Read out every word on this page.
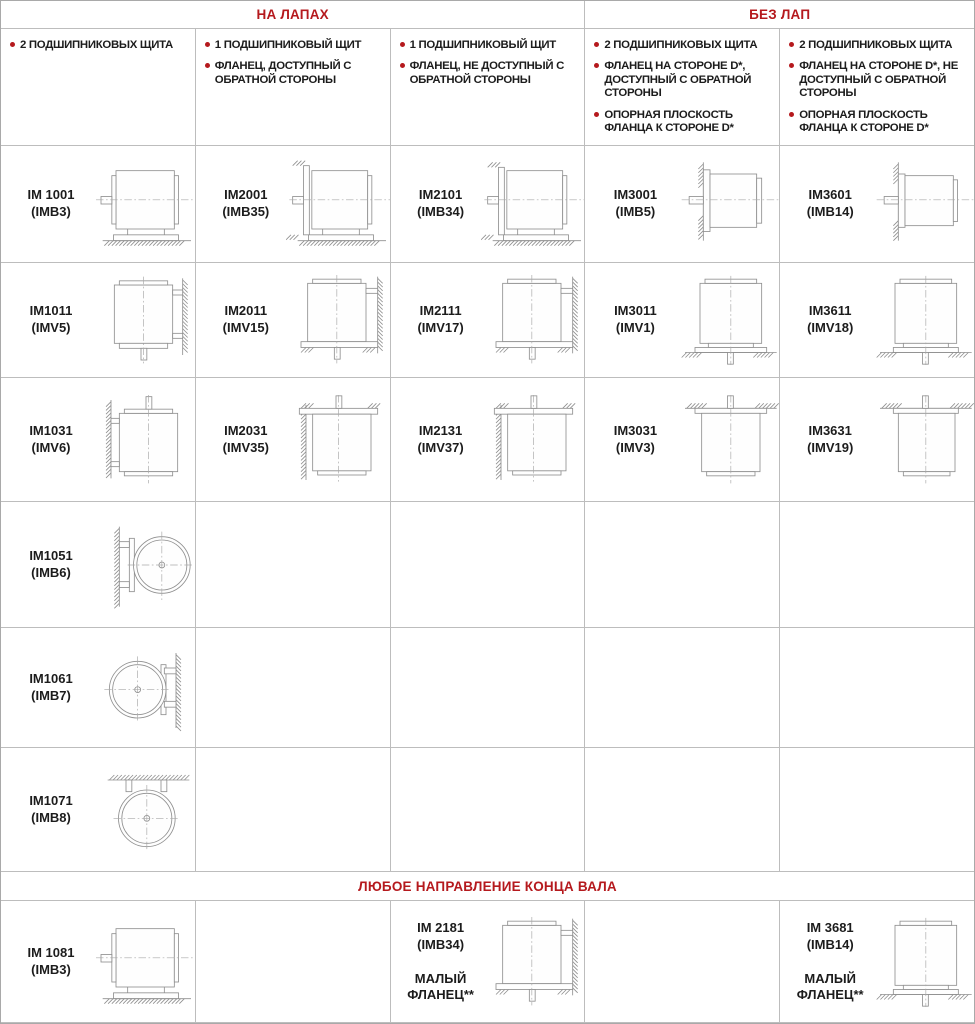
НА ЛАПАХ	БЕЗ ЛАП
ЛЮБОЕ НАПРАВЛЕНИЕ КОНЦА ВАЛА
2 ПОДШИПНИКОВЫХ ЩИТА	1 ПОДШИПНИКОВЫЙ ЩИТ
ФЛАНЕЦ, ДОСТУПНЫЙ С ОБРАТНОЙ СТОРОНЫ
1 ПОДШИПНИКОВЫЙ ЩИТ
ФЛАНЕЦ, НЕ ДОСТУПНЫЙ С ОБРАТНОЙ СТОРОНЫ
2 ПОДШИПНИКОВЫХ ЩИТА
ФЛАНЕЦ НА СТОРОНЕ D*, ДОСТУПНЫЙ С ОБРАТНОЙ СТОРОНЫ
ОПОРНАЯ ПЛОСКОСТЬ ФЛАНЦА К СТОРОНЕ D*
2 ПОДШИПНИКОВЫХ ЩИТА
ФЛАНЕЦ НА СТОРОНЕ D*, НЕ ДОСТУПНЫЙ С ОБРАТНОЙ СТОРОНЫ
ОПОРНАЯ ПЛОСКОСТЬ ФЛАНЦА К СТОРОНЕ D*
IM 1001
(IMB3)
IM2001
(IMB35)
IM2101
(IMB34)
IM3001
(IMB5)
IM3601
(IMB14)
IM1011
(IMV5)
IM2011
(IMV15)
IM2111
(IMV17)
IM3011
(IMV1)
IM3611
(IMV18)
IM1031
(IMV6)
IM2031
(IMV35)
IM2131
(IMV37)
IM3031
(IMV3)
IM3631
(IMV19)
IM1051
(IMB6)
IM1061
(IMB7)
IM1071
(IMB8)
IM 1081
(IMB3)
IM 2181
(IMB34)
МАЛЫЙ ФЛАНЕЦ**
IM 3681
(IMB14)
МАЛЫЙ ФЛАНЕЦ**
